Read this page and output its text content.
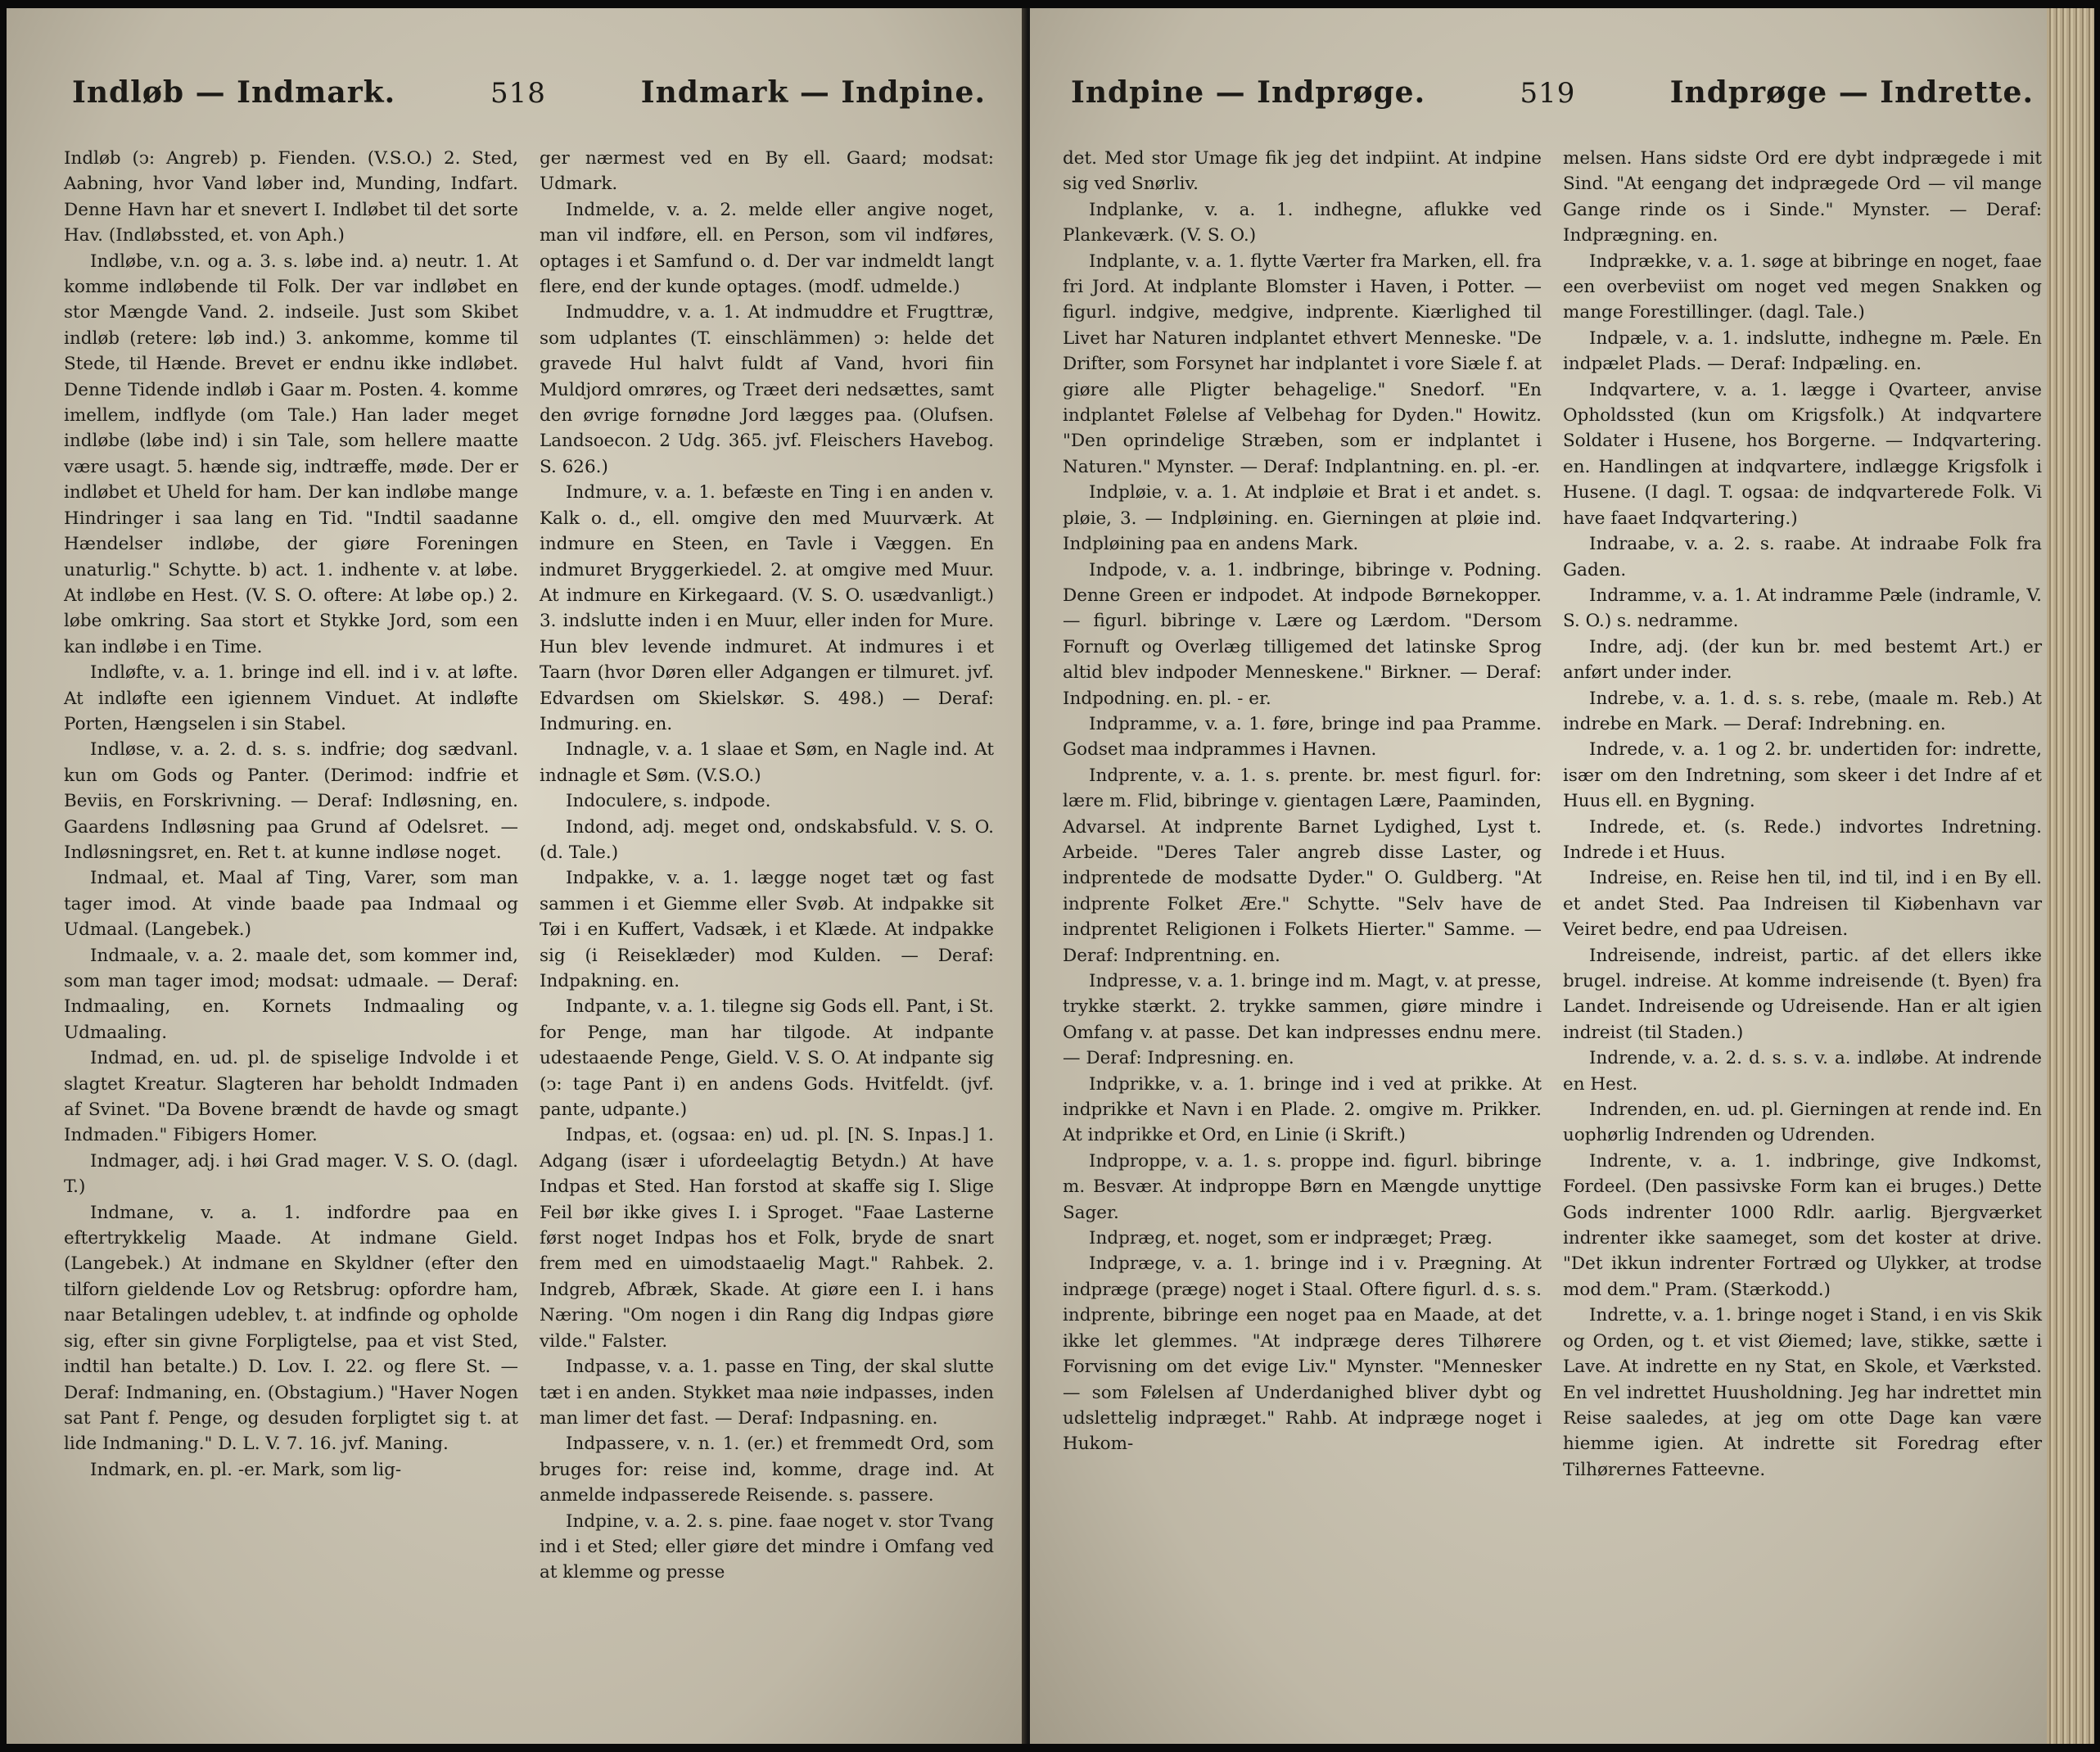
Indløb — Indmark.	518	Indmark — Indpine.

Indløb (ↄ: Angreb) p. Fienden. (V.S.O.) 2. Sted, Aabning, hvor Vand løber ind, Munding, Indfart. Denne Havn har et snevert I. Indløbet til det sorte Hav. (Indløbssted, et. von Aph.)

Indløbe, v.n. og a. 3. s. løbe ind. a) neutr. 1. At komme indløbende til Folk. Der var indløbet en stor Mængde Vand. 2. indseile. Just som Skibet indløb (retere: løb ind.) 3. ankomme, komme til Stede, til Hænde. Brevet er endnu ikke indløbet. Denne Tidende indløb i Gaar m. Posten. 4. komme imellem, indflyde (om Tale.) Han lader meget indløbe (løbe ind) i sin Tale, som hellere maatte være usagt. 5. hænde sig, indtræffe, møde. Der er indløbet et Uheld for ham. Der kan indløbe mange Hindringer i saa lang en Tid. "Indtil saadanne Hændelser indløbe, der giøre Foreningen unaturlig." Schytte. b) act. 1. indhente v. at løbe. At indløbe en Hest. (V. S. O. oftere: At løbe op.) 2. løbe omkring. Saa stort et Stykke Jord, som een kan indløbe i en Time.

Indløfte, v. a. 1. bringe ind ell. ind i v. at løfte. At indløfte een igiennem Vinduet. At indløfte Porten, Hængselen i sin Stabel.

Indløse, v. a. 2. d. s. s. indfrie; dog sædvanl. kun om Gods og Panter. (Derimod: indfrie et Beviis, en Forskrivning. — Deraf: Indløsning, en. Gaardens Indløsning paa Grund af Odelsret. — Indløsningsret, en. Ret t. at kunne indløse noget.

Indmaal, et. Maal af Ting, Varer, som man tager imod. At vinde baade paa Indmaal og Udmaal. (Langebek.)

Indmaale, v. a. 2. maale det, som kommer ind, som man tager imod; modsat: udmaale. — Deraf: Indmaaling, en. Kornets Indmaaling og Udmaaling.

Indmad, en. ud. pl. de spiselige Indvolde i et slagtet Kreatur. Slagteren har beholdt Indmaden af Svinet. "Da Bovene brændt de havde og smagt Indmaden." Fibigers Homer.

Indmager, adj. i høi Grad mager. V. S. O. (dagl. T.)

Indmane, v. a. 1. indfordre paa en eftertrykkelig Maade. At indmane Gield. (Langebek.) At indmane en Skyldner (efter den tilforn gieldende Lov og Retsbrug: opfordre ham, naar Betalingen udeblev, t. at indfinde og opholde sig, efter sin givne Forpligtelse, paa et vist Sted, indtil han betalte.) D. Lov. I. 22. og flere St. — Deraf: Indmaning, en. (Obstagium.) "Haver Nogen sat Pant f. Penge, og desuden forpligtet sig t. at lide Indmaning." D. L. V. 7. 16. jvf. Maning.

Indmark, en. pl. -er. Mark, som lig-

ger nærmest ved en By ell. Gaard; modsat: Udmark.

Indmelde, v. a. 2. melde eller angive noget, man vil indføre, ell. en Person, som vil indføres, optages i et Samfund o. d. Der var indmeldt langt flere, end der kunde optages. (modf. udmelde.)

Indmuddre, v. a. 1. At indmuddre et Frugttræ, som udplantes (T. einschlämmen) ↄ: helde det gravede Hul halvt fuldt af Vand, hvori fiin Muldjord omrøres, og Træet deri nedsættes, samt den øvrige fornødne Jord lægges paa. (Olufsen. Landsoecon. 2 Udg. 365. jvf. Fleischers Havebog. S. 626.)

Indmure, v. a. 1. befæste en Ting i en anden v. Kalk o. d., ell. omgive den med Muurværk. At indmure en Steen, en Tavle i Væggen. En indmuret Bryggerkiedel. 2. at omgive med Muur. At indmure en Kirkegaard. (V. S. O. usædvanligt.) 3. indslutte inden i en Muur, eller inden for Mure. Hun blev levende indmuret. At indmures i et Taarn (hvor Døren eller Adgangen er tilmuret. jvf. Edvardsen om Skielskør. S. 498.) — Deraf: Indmuring. en.

Indnagle, v. a. 1 slaae et Søm, en Nagle ind. At indnagle et Søm. (V.S.O.)

Indoculere, s. indpode.

Indond, adj. meget ond, ondskabsfuld. V. S. O. (d. Tale.)

Indpakke, v. a. 1. lægge noget tæt og fast sammen i et Giemme eller Svøb. At indpakke sit Tøi i en Kuffert, Vadsæk, i et Klæde. At indpakke sig (i Reiseklæder) mod Kulden. — Deraf: Indpakning. en.

Indpante, v. a. 1. tilegne sig Gods ell. Pant, i St. for Penge, man har tilgode. At indpante udestaaende Penge, Gield. V. S. O. At indpante sig (ↄ: tage Pant i) en andens Gods. Hvitfeldt. (jvf. pante, udpante.)

Indpas, et. (ogsaa: en) ud. pl. [N. S. Inpas.] 1. Adgang (især i ufordeelagtig Betydn.) At have Indpas et Sted. Han forstod at skaffe sig I. Slige Feil bør ikke gives I. i Sproget. "Faae Lasterne først noget Indpas hos et Folk, bryde de snart frem med en uimodstaaelig Magt." Rahbek. 2. Indgreb, Afbræk, Skade. At giøre een I. i hans Næring. "Om nogen i din Rang dig Indpas giøre vilde." Falster.

Indpasse, v. a. 1. passe en Ting, der skal slutte tæt i en anden. Stykket maa nøie indpasses, inden man limer det fast. — Deraf: Indpasning. en.

Indpassere, v. n. 1. (er.) et fremmedt Ord, som bruges for: reise ind, komme, drage ind. At anmelde indpasserede Reisende. s. passere.

Indpine, v. a. 2. s. pine. faae noget v. stor Tvang ind i et Sted; eller giøre det mindre i Omfang ved at klemme og presse

Indpine — Indprøge.	519	Indprøge — Indrette.

det. Med stor Umage fik jeg det indpiint. At indpine sig ved Snørliv.

Indplanke, v. a. 1. indhegne, aflukke ved Plankeværk. (V. S. O.)

Indplante, v. a. 1. flytte Værter fra Marken, ell. fra fri Jord. At indplante Blomster i Haven, i Potter. — figurl. indgive, medgive, indprente. Kiærlighed til Livet har Naturen indplantet ethvert Menneske. "De Drifter, som Forsynet har indplantet i vore Siæle f. at giøre alle Pligter behagelige." Snedorf. "En indplantet Følelse af Velbehag for Dyden." Howitz. "Den oprindelige Stræben, som er indplantet i Naturen." Mynster. — Deraf: Indplantning. en. pl. -er.

Indpløie, v. a. 1. At indpløie et Brat i et andet. s. pløie, 3. — Indpløining. en. Gierningen at pløie ind. Indpløining paa en andens Mark.

Indpode, v. a. 1. indbringe, bibringe v. Podning. Denne Green er indpodet. At indpode Børnekopper. — figurl. bibringe v. Lære og Lærdom. "Dersom Fornuft og Overlæg tilligemed det latinske Sprog altid blev indpoder Menneskene." Birkner. — Deraf: Indpodning. en. pl. - er.

Indpramme, v. a. 1. føre, bringe ind paa Pramme. Godset maa indprammes i Havnen.

Indprente, v. a. 1. s. prente. br. mest figurl. for: lære m. Flid, bibringe v. gientagen Lære, Paaminden, Advarsel. At indprente Barnet Lydighed, Lyst t. Arbeide. "Deres Taler angreb disse Laster, og indprentede de modsatte Dyder." O. Guldberg. "At indprente Folket Ære." Schytte. "Selv have de indprentet Religionen i Folkets Hierter." Samme. — Deraf: Indprentning. en.

Indpresse, v. a. 1. bringe ind m. Magt, v. at presse, trykke stærkt. 2. trykke sammen, giøre mindre i Omfang v. at passe. Det kan indpresses endnu mere. — Deraf: Indpresning. en.

Indprikke, v. a. 1. bringe ind i ved at prikke. At indprikke et Navn i en Plade. 2. omgive m. Prikker. At indprikke et Ord, en Linie (i Skrift.)

Indproppe, v. a. 1. s. proppe ind. figurl. bibringe m. Besvær. At indproppe Børn en Mængde unyttige Sager.

Indpræg, et. noget, som er indpræget; Præg.

Indpræge, v. a. 1. bringe ind i v. Prægning. At indpræge (præge) noget i Staal. Oftere figurl. d. s. s. indprente, bibringe een noget paa en Maade, at det ikke let glemmes. "At indpræge deres Tilhørere Forvisning om det evige Liv." Mynster. "Mennesker — som Følelsen af Underdanighed bliver dybt og udslettelig indpræget." Rahb. At indpræge noget i Hukom-

melsen. Hans sidste Ord ere dybt indprægede i mit Sind. "At eengang det indprægede Ord — vil mange Gange rinde os i Sinde." Mynster. — Deraf: Indprægning. en.

Indprække, v. a. 1. søge at bibringe en noget, faae een overbeviist om noget ved megen Snakken og mange Forestillinger. (dagl. Tale.)

Indpæle, v. a. 1. indslutte, indhegne m. Pæle. En indpælet Plads. — Deraf: Indpæling. en.

Indqvartere, v. a. 1. lægge i Qvarteer, anvise Opholdssted (kun om Krigsfolk.) At indqvartere Soldater i Husene, hos Borgerne. — Indqvartering. en. Handlingen at indqvartere, indlægge Krigsfolk i Husene. (I dagl. T. ogsaa: de indqvarterede Folk. Vi have faaet Indqvartering.)

Indraabe, v. a. 2. s. raabe. At indraabe Folk fra Gaden.

Indramme, v. a. 1. At indramme Pæle (indramle, V. S. O.) s. nedramme.

Indre, adj. (der kun br. med bestemt Art.) er anført under inder.

Indrebe, v. a. 1. d. s. s. rebe, (maale m. Reb.) At indrebe en Mark. — Deraf: Indrebning. en.

Indrede, v. a. 1 og 2. br. undertiden for: indrette, især om den Indretning, som skeer i det Indre af et Huus ell. en Bygning.

Indrede, et. (s. Rede.) indvortes Indretning. Indrede i et Huus.

Indreise, en. Reise hen til, ind til, ind i en By ell. et andet Sted. Paa Indreisen til Kiøbenhavn var Veiret bedre, end paa Udreisen.

Indreisende, indreist, partic. af det ellers ikke brugel. indreise. At komme indreisende (t. Byen) fra Landet. Indreisende og Udreisende. Han er alt igien indreist (til Staden.)

Indrende, v. a. 2. d. s. s. v. a. indløbe. At indrende en Hest.

Indrenden, en. ud. pl. Gierningen at rende ind. En uophørlig Indrenden og Udrenden.

Indrente, v. a. 1. indbringe, give Indkomst, Fordeel. (Den passivske Form kan ei bruges.) Dette Gods indrenter 1000 Rdlr. aarlig. Bjergværket indrenter ikke saameget, som det koster at drive. "Det ikkun indrenter Fortræd og Ulykker, at trodse mod dem." Pram. (Stærkodd.)

Indrette, v. a. 1. bringe noget i Stand, i en vis Skik og Orden, og t. et vist Øiemed; lave, stikke, sætte i Lave. At indrette en ny Stat, en Skole, et Værksted. En vel indrettet Huusholdning. Jeg har indrettet min Reise saaledes, at jeg om otte Dage kan være hiemme igien. At indrette sit Foredrag efter Tilhørernes Fatteevne.
